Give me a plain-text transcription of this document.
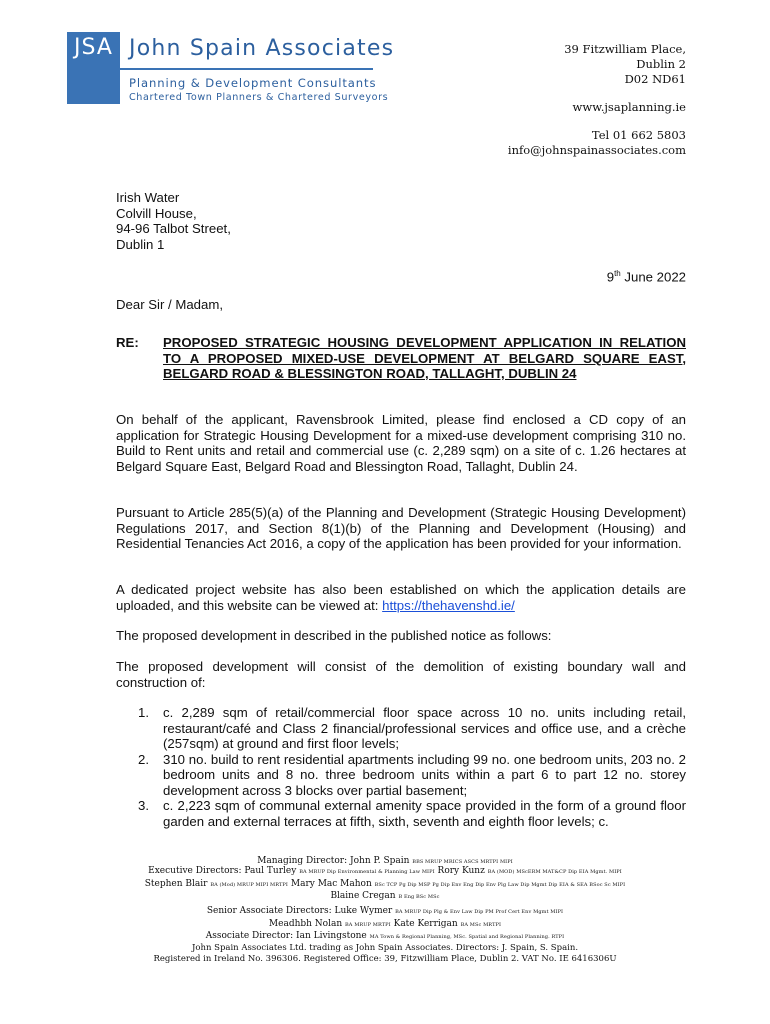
JSA John Spain Associates
Planning & Development Consultants
Chartered Town Planners & Chartered Surveyors
39 Fitzwilliam Place,
Dublin 2
D02 ND61
www.jsaplanning.ie
Tel 01 662 5803
info@johnspainassociates.com
Irish Water
Colvill House,
94-96 Talbot Street,
Dublin 1
9th June 2022
Dear Sir / Madam,
RE: PROPOSED STRATEGIC HOUSING DEVELOPMENT APPLICATION IN RELATION TO A PROPOSED MIXED-USE DEVELOPMENT AT BELGARD SQUARE EAST, BELGARD ROAD & BLESSINGTON ROAD, TALLAGHT, DUBLIN 24
On behalf of the applicant, Ravensbrook Limited, please find enclosed a CD copy of an application for Strategic Housing Development for a mixed-use development comprising 310 no. Build to Rent units and retail and commercial use (c. 2,289 sqm) on a site of c. 1.26 hectares at Belgard Square East, Belgard Road and Blessington Road, Tallaght, Dublin 24.
Pursuant to Article 285(5)(a) of the Planning and Development (Strategic Housing Development) Regulations 2017, and Section 8(1)(b) of the Planning and Development (Housing) and Residential Tenancies Act 2016, a copy of the application has been provided for your information.
A dedicated project website has also been established on which the application details are uploaded, and this website can be viewed at: https://thehavenshd.ie/
The proposed development in described in the published notice as follows:
The proposed development will consist of the demolition of existing boundary wall and construction of:
1. c. 2,289 sqm of retail/commercial floor space across 10 no. units including retail, restaurant/café and Class 2 financial/professional services and office use, and a crèche (257sqm) at ground and first floor levels;
2. 310 no. build to rent residential apartments including 99 no. one bedroom units, 203 no. 2 bedroom units and 8 no. three bedroom units within a part 6 to part 12 no. storey development across 3 blocks over partial basement;
3. c. 2,223 sqm of communal external amenity space provided in the form of a ground floor garden and external terraces at fifth, sixth, seventh and eighth floor levels; c.
Managing Director: John P. Spain BBS MRUP MRICS ASCS MRTPI MIPI
Executive Directors: Paul Turley BA MRUP Dip Environmental & Planning Law MIPI Rory Kunz BA (MOD) MScERM MAT&CP Dip EIA Mgmt. MIPI
Stephen Blair BA (Mod) MRUP MIPI MRTPI Mary Mac Mahon BSc TCP Pg Dip MSP Pg Dip Env Eng Dip Env Plg Law Dip Mgmt Dip EIA & SEA BSoc Sc MIPI
Blaine Cregan B Eng BSc MSc
Senior Associate Directors: Luke Wymer BA MRUP Dip Plg & Env Law Dip PM Prof Cert Env Mgmt MIPI
Meadhbh Nolan BA MRUP MRTPI Kate Kerrigan BA MSc MRTPI
Associate Director: Ian Livingstone MA Town & Regional Planning, MSc. Spatial and Regional Planning. RTPI
John Spain Associates Ltd. trading as John Spain Associates. Directors: J. Spain, S. Spain.
Registered in Ireland No. 396306. Registered Office: 39, Fitzwilliam Place, Dublin 2. VAT No. IE 6416306U
